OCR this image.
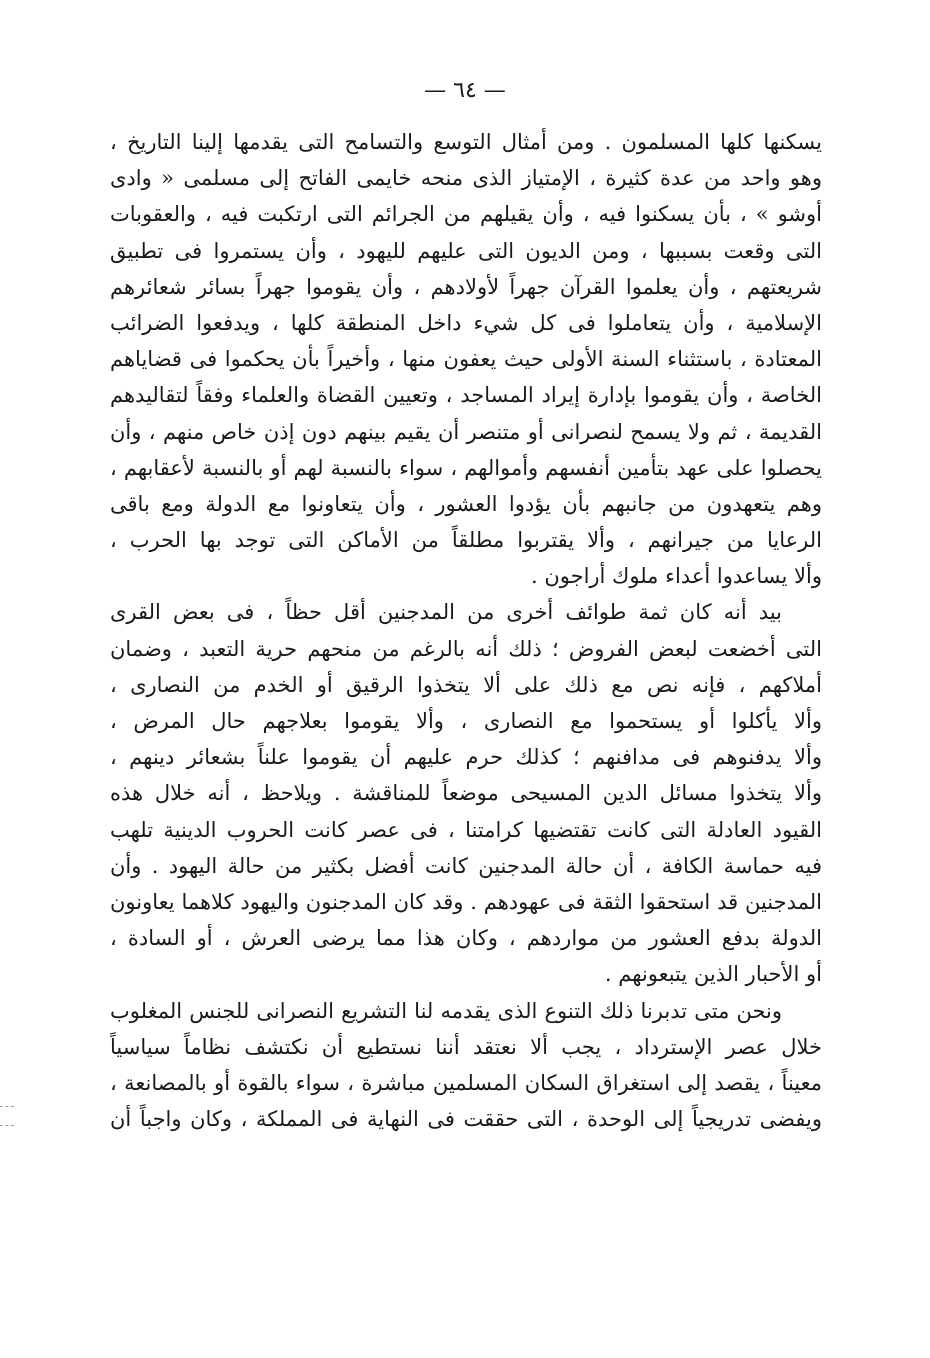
— ٦٤ —
يسكنها كلها المسلمون . ومن أمثال التوسع والتسامح التى يقدمها إلينا التاريخ ،
وهو واحد من عدة كثيرة ، الإمتياز الذى منحه خايمى الفاتح إلى مسلمى « وادى
أوشو » ، بأن يسكنوا فيه ، وأن يقيلهم من الجرائم التى ارتكبت فيه ، والعقوبات
التى وقعت بسببها ، ومن الديون التى عليهم لليهود ، وأن يستمروا فى تطبيق
شريعتهم ، وأن يعلموا القرآن جهراً لأولادهم ، وأن يقوموا جهراً بسائر شعائرهم
الإسلامية ، وأن يتعاملوا فى كل شيء داخل المنطقة كلها ، ويدفعوا الضرائب
المعتادة ، باستثناء السنة الأولى حيث يعفون منها ، وأخيراً بأن يحكموا فى قضاياهم
الخاصة ، وأن يقوموا بإدارة إيراد المساجد ، وتعيين القضاة والعلماء وفقاً لتقاليدهم
القديمة ، ثم ولا يسمح لنصرانى أو متنصر أن يقيم بينهم دون إذن خاص منهم ، وأن
يحصلوا على عهد بتأمين أنفسهم وأموالهم ، سواء بالنسبة لهم أو بالنسبة لأعقابهم ،
وهم يتعهدون من جانبهم بأن يؤدوا العشور ، وأن يتعاونوا مع الدولة ومع باقى
الرعايا من جيرانهم ، وألا يقتربوا مطلقاً من الأماكن التى توجد بها الحرب ،
وألا يساعدوا أعداء ملوك أراجون .
بيد أنه كان ثمة طوائف أخرى من المدجنين أقل حظاً ، فى بعض القرى
التى أخضعت لبعض الفروض ؛ ذلك أنه بالرغم من منحهم حرية التعبد ، وضمان
أملاكهم ، فإنه نص مع ذلك على ألا يتخذوا الرقيق أو الخدم من النصارى ،
وألا يأكلوا أو يستحموا مع النصارى ، وألا يقوموا بعلاجهم حال المرض ،
وألا يدفنوهم فى مدافنهم ؛ كذلك حرم عليهم أن يقوموا علناً بشعائر دينهم ،
وألا يتخذوا مسائل الدين المسيحى موضعاً للمناقشة . ويلاحظ ، أنه خلال هذه
القيود العادلة التى كانت تقتضيها كرامتنا ، فى عصر كانت الحروب الدينية تلهب
فيه حماسة الكافة ، أن حالة المدجنين كانت أفضل بكثير من حالة اليهود . وأن
المدجنين قد استحقوا الثقة فى عهودهم . وقد كان المدجنون واليهود كلاهما يعاونون
الدولة بدفع العشور من مواردهم ، وكان هذا مما يرضى العرش ، أو السادة ،
أو الأحبار الذين يتبعونهم .
ونحن متى تدبرنا ذلك التنوع الذى يقدمه لنا التشريع النصرانى للجنس المغلوب
خلال عصر الإسترداد ، يجب ألا نعتقد أننا نستطيع أن نكتشف نظاماً سياسياً
معيناً ، يقصد إلى استغراق السكان المسلمين مباشرة ، سواء بالقوة أو بالمصانعة ،
ويفضى تدريجياً إلى الوحدة ، التى حققت فى النهاية فى المملكة ، وكان واجباً أن
